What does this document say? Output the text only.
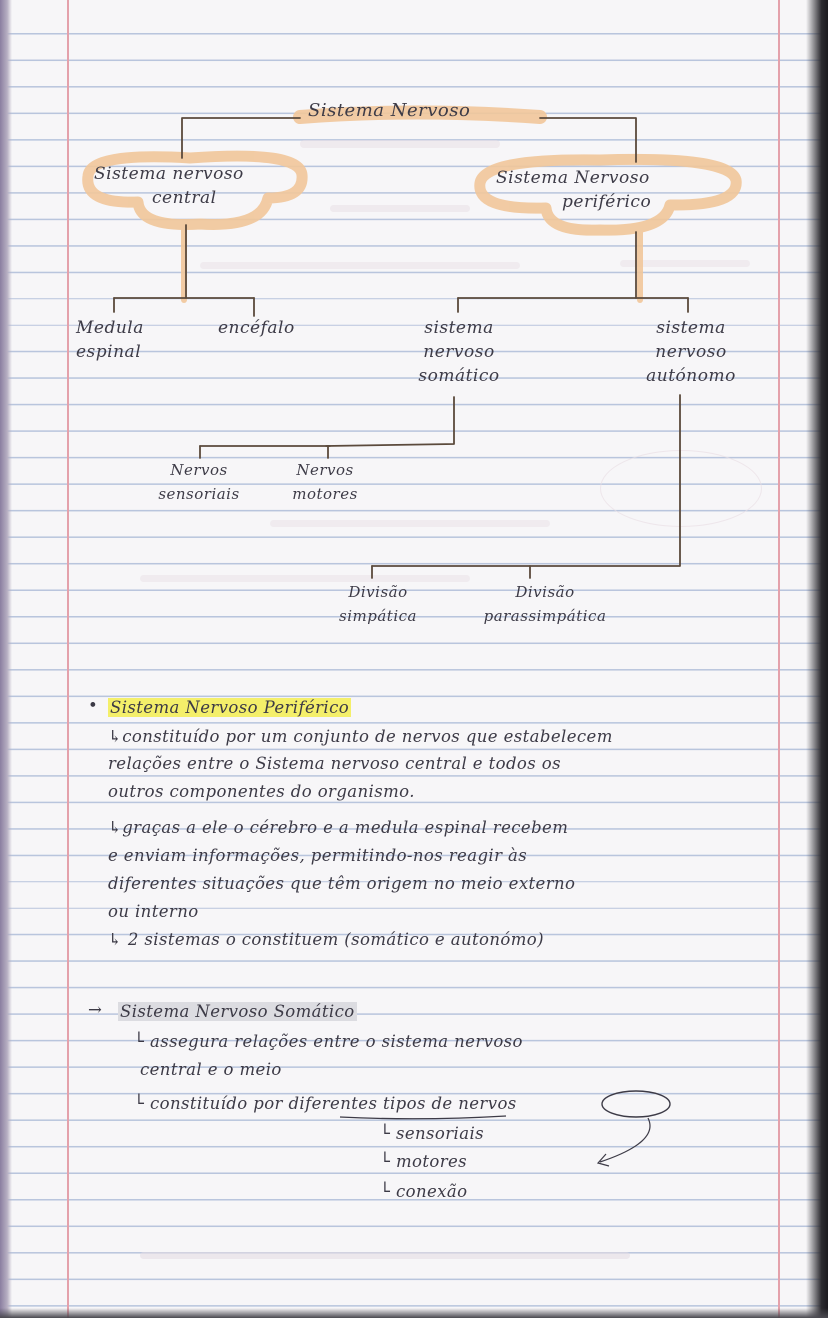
Sistema Nervoso
Sistema nervoso
central
Sistema Nervoso
periférico
Medula
espinal
encéfalo	sistema
nervoso
somático
sistema
nervoso
autónomo
Nervos
sensoriais
Nervos
motores
Divisão
simpática
Divisão
parassimpática
• Sistema Nervoso Periférico
↳constituído por um conjunto de nervos que estabelecem
relações entre o Sistema nervoso central e todos os
outros componentes do organismo.
↳graças a ele o cérebro e a medula espinal recebem
e enviam informações, permitindo-nos reagir às
diferentes situações que têm origem no meio externo
ou interno
↳ 2 sistemas o constituem (somático e autonómo)
→ Sistema Nervoso Somático
└ assegura relações entre o sistema nervoso
central e o meio
└ constituído por diferentes tipos de nervos
└ sensoriais
└ motores
└ conexão
